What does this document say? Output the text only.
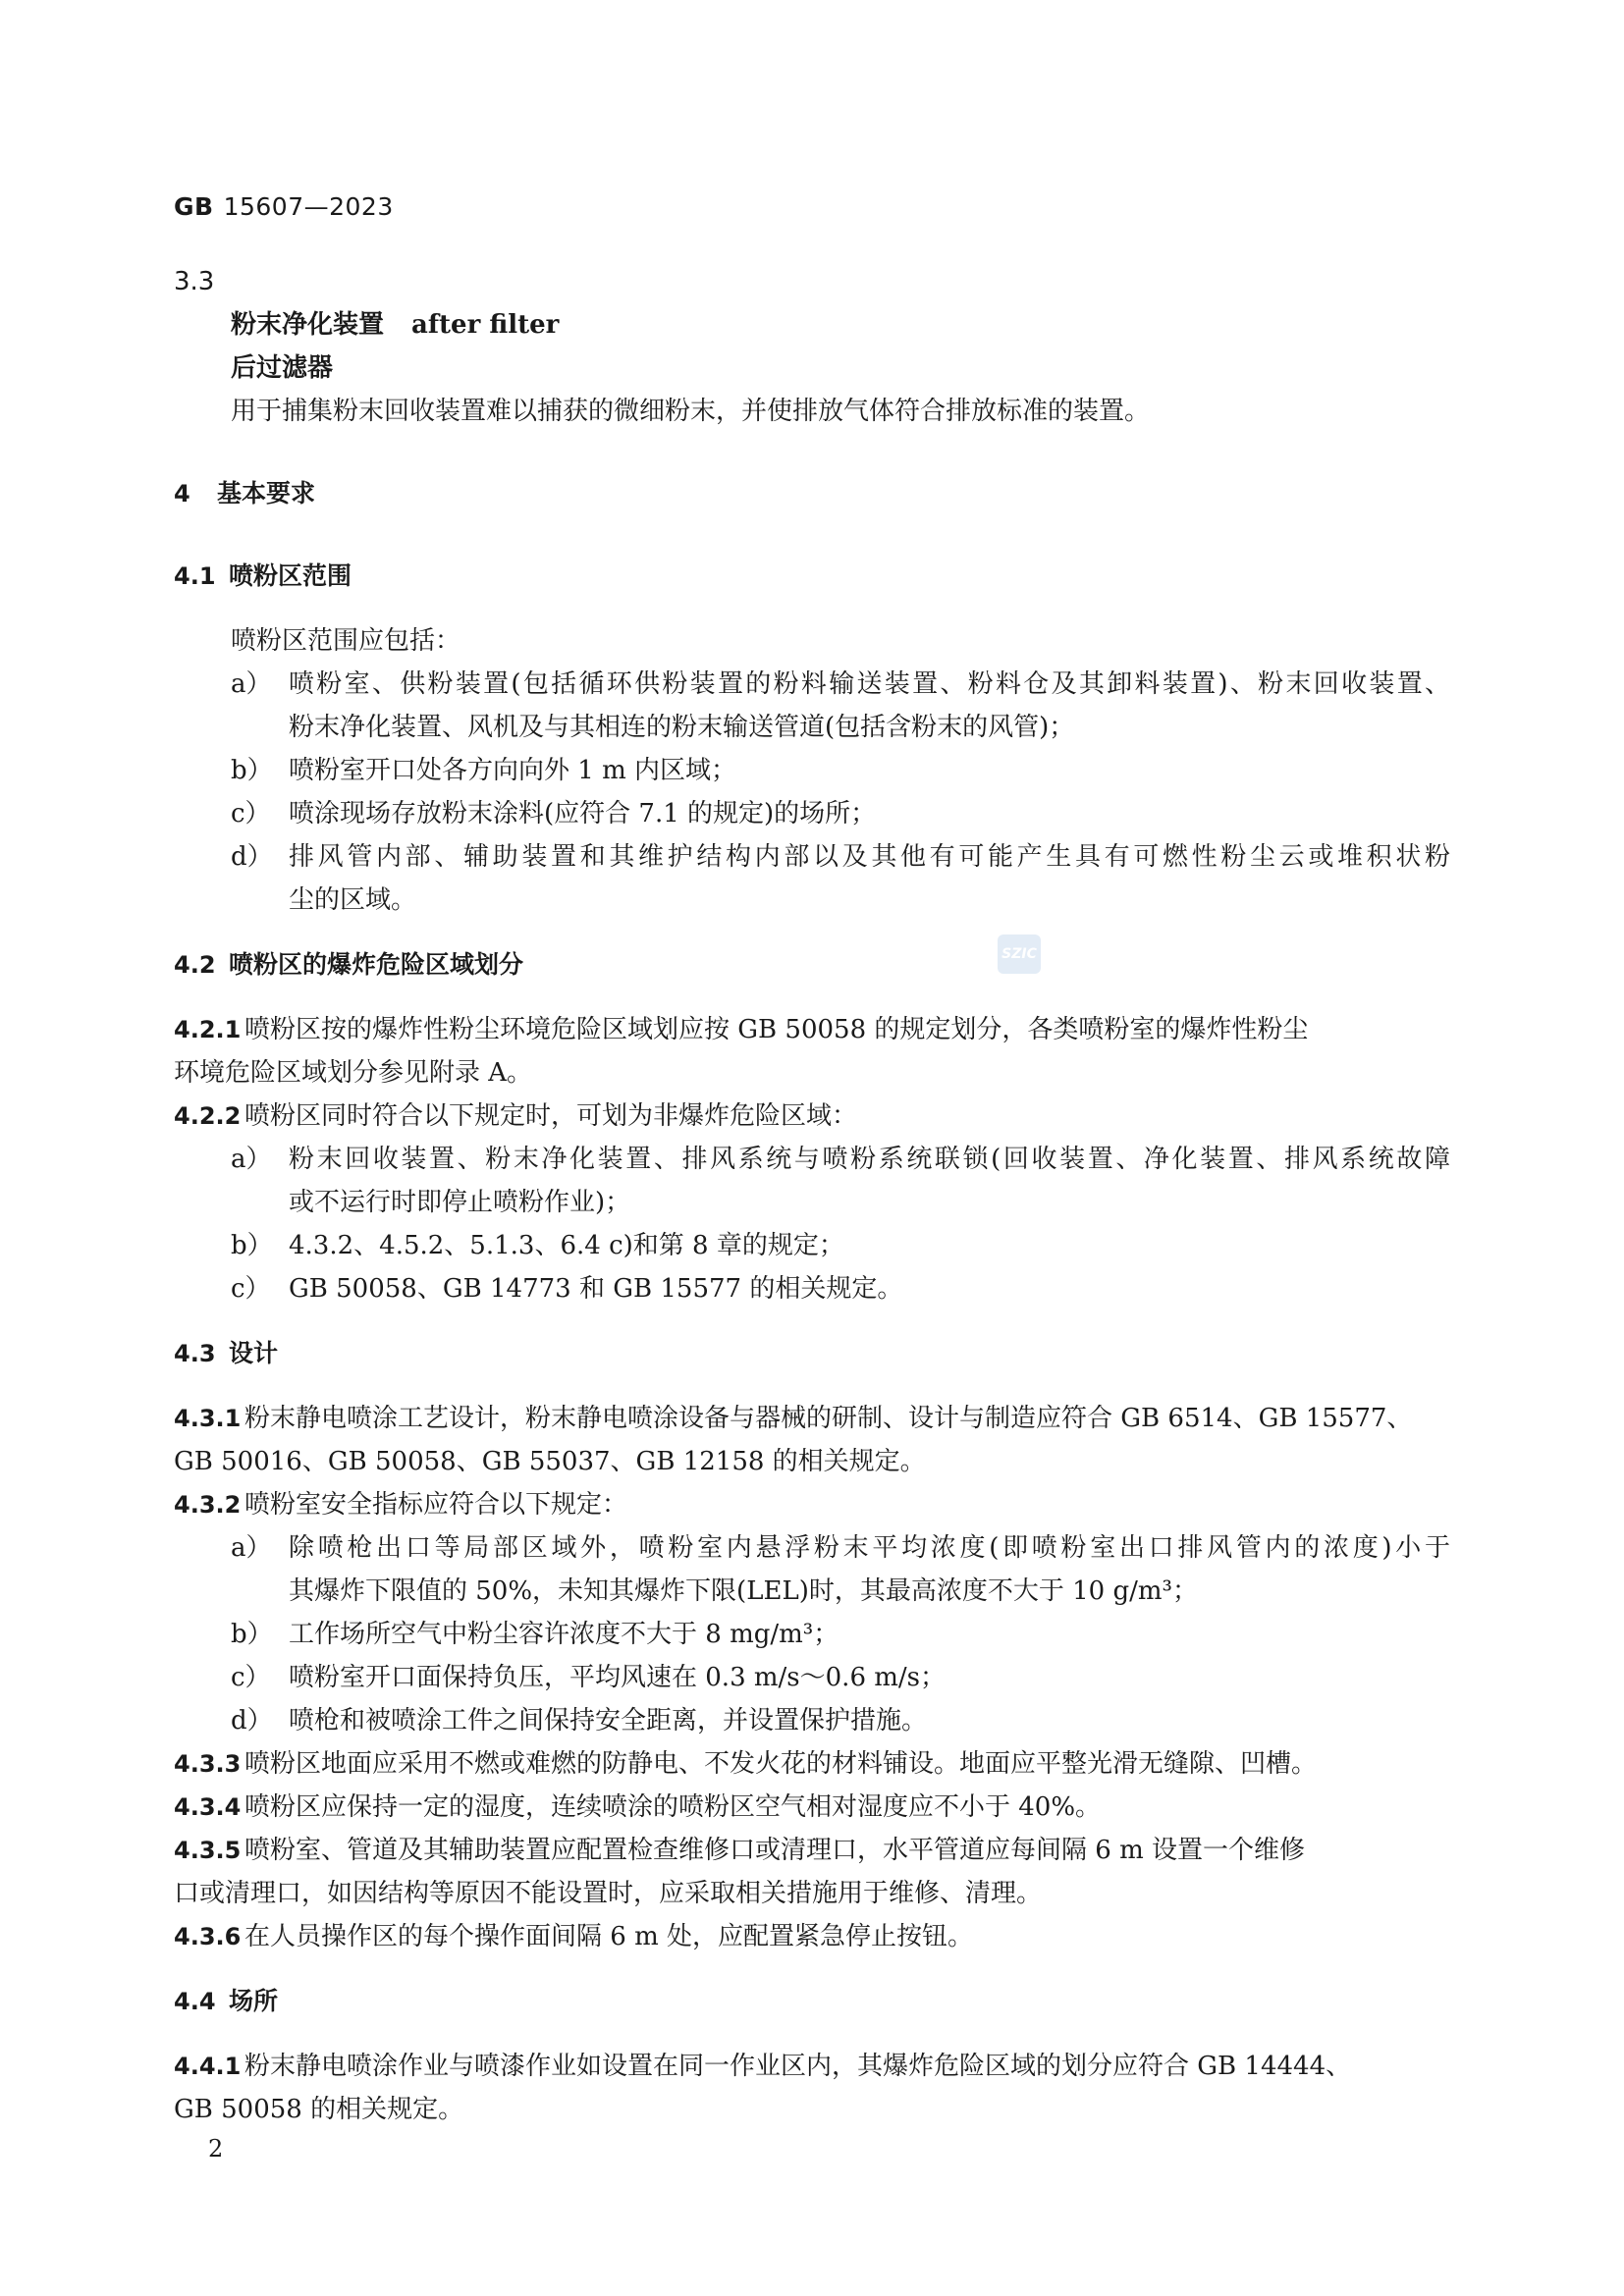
GB 15607—2023

SZIC

3.3

粉末净化装置 after filter

后过滤器

用于捕集粉末回收装置难以捕获的微细粉末，并使排放气体符合排放标准的装置。

4 基本要求

4.1 喷粉区范围

喷粉区范围应包括：

a） 喷粉室、供粉装置(包括循环供粉装置的粉料输送装置、粉料仓及其卸料装置)、粉末回收装置、
粉末净化装置、风机及与其相连的粉末输送管道(包括含粉末的风管)；
b） 喷粉室开口处各方向向外 1 m 内区域；
c） 喷涂现场存放粉末涂料(应符合 7.1 的规定)的场所；
d） 排风管内部、辅助装置和其维护结构内部以及其他有可能产生具有可燃性粉尘云或堆积状粉
尘的区域。

4.2 喷粉区的爆炸危险区域划分

4.2.1 喷粉区按的爆炸性粉尘环境危险区域划应按 GB 50058 的规定划分，各类喷粉室的爆炸性粉尘

环境危险区域划分参见附录 A。

4.2.2 喷粉区同时符合以下规定时，可划为非爆炸危险区域：

a） 粉末回收装置、粉末净化装置、排风系统与喷粉系统联锁(回收装置、净化装置、排风系统故障
或不运行时即停止喷粉作业)；
b） 4.3.2、4.5.2、5.1.3、6.4 c)和第 8 章的规定；
c） GB 50058、GB 14773 和 GB 15577 的相关规定。

4.3 设计

4.3.1 粉末静电喷涂工艺设计，粉末静电喷涂设备与器械的研制、设计与制造应符合 GB 6514、GB 15577、

GB 50016、GB 50058、GB 55037、GB 12158 的相关规定。

4.3.2 喷粉室安全指标应符合以下规定：

a） 除喷枪出口等局部区域外，喷粉室内悬浮粉末平均浓度(即喷粉室出口排风管内的浓度)小于
其爆炸下限值的 50%，未知其爆炸下限(LEL)时，其最高浓度不大于 10 g/m³；
b） 工作场所空气中粉尘容许浓度不大于 8 mg/m³；
c） 喷粉室开口面保持负压，平均风速在 0.3 m/s～0.6 m/s；
d） 喷枪和被喷涂工件之间保持安全距离，并设置保护措施。

4.3.3 喷粉区地面应采用不燃或难燃的防静电、不发火花的材料铺设。地面应平整光滑无缝隙、凹槽。

4.3.4 喷粉区应保持一定的湿度，连续喷涂的喷粉区空气相对湿度应不小于 40%。

4.3.5 喷粉室、管道及其辅助装置应配置检查维修口或清理口，水平管道应每间隔 6 m 设置一个维修

口或清理口，如因结构等原因不能设置时，应采取相关措施用于维修、清理。

4.3.6 在人员操作区的每个操作面间隔 6 m 处，应配置紧急停止按钮。

4.4 场所

4.4.1 粉末静电喷涂作业与喷漆作业如设置在同一作业区内，其爆炸危险区域的划分应符合 GB 14444、

GB 50058 的相关规定。

2
